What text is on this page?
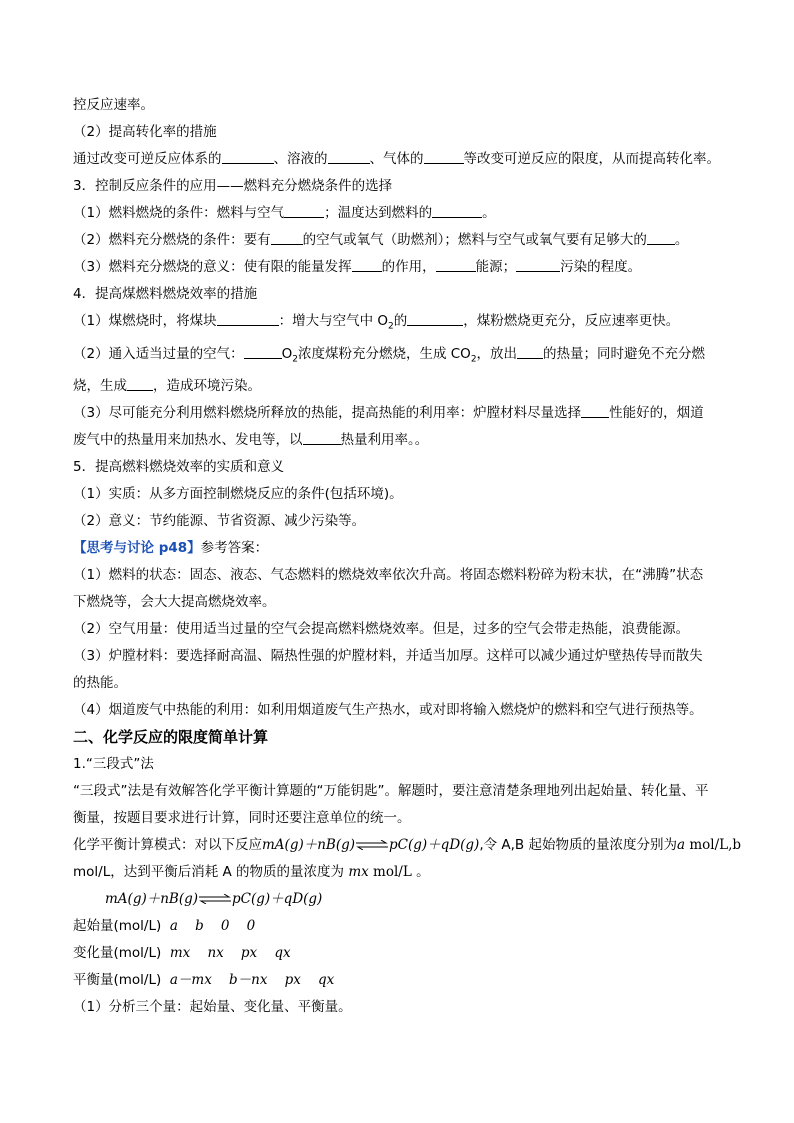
控反应速率。
（2）提高转化率的措施
通过改变可逆反应体系的	、溶液的	、气体的	等改变可逆反应的限度，从而提高转化率。
3．控制反应条件的应用——燃料充分燃烧条件的选择
（1）燃料燃烧的条件：燃料与空气	；温度达到燃料的	。
（2）燃料充分燃烧的条件：要有 的空气或氧气（助燃剂）；燃料与空气或氧气要有足够大的 。
（3）燃料充分燃烧的意义：使有限的能量发挥 的作用，	能源；	污染的程度。
4．提高煤燃料燃烧效率的措施
（1）煤燃烧时，将煤块	：增大与空气中 $O_2$的	，煤粉燃烧更充分，反应速率更快。
（2）通入适当过量的空气：	$O_2$浓度煤粉充分燃烧，生成 $CO_2$，放出 的热量；同时避免不充分燃
烧，生成 ，造成环境污染。
（3）尽可能充分利用燃料燃烧所释放的热能，提高热能的利用率：炉膛材料尽量选择 性能好的，烟道
废气中的热量用来加热水、发电等，以	热量利用率。。
5．提高燃料燃烧效率的实质和意义
（1）实质：从多方面控制燃烧反应的条件(包括环境)。
（2）意义：节约能源、节省资源、减少污染等。
【思考与讨论 p48】参考答案：
（1）燃料的状态：固态、液态、气态燃料的燃烧效率依次升高。将固态燃料粉碎为粉末状，在“沸腾”状态
下燃烧等，会大大提高燃烧效率。
（2）空气用量：使用适当过量的空气会提高燃料燃烧效率。但是，过多的空气会带走热能，浪费能源。
（3）炉膛材料：要选择耐高温、隔热性强的炉膛材料，并适当加厚。这样可以减少通过炉壁热传导而散失
的热能。
（4）烟道废气中热能的利用：如利用烟道废气生产热水，或对即将输入燃烧炉的燃料和空气进行预热等。
二、化学反应的限度简单计算
1.“三段式”法
“三段式”法是有效解答化学平衡计算题的“万能钥匙”。解题时，要注意清楚条理地列出起始量、转化量、平
衡量，按题目要求进行计算，同时还要注意单位的统一。
化学平衡计算模式：对以下反应mA(g)＋nB(g)⇌pC(g)＋qD(g),令 A,B 起始物质的量浓度分别为a mol/L,b
mol/L，达到平衡后消耗 A 的物质的量浓度为 mx mol/L 。
mA(g)＋nB(g)⇌pC(g)＋qD(g)
起始量(mol/L) a    b    0    0
变化量(mol/L) mx    nx    px    qx
平衡量(mol/L) a－mx    b－nx    px    qx
（1）分析三个量：起始量、变化量、平衡量。
